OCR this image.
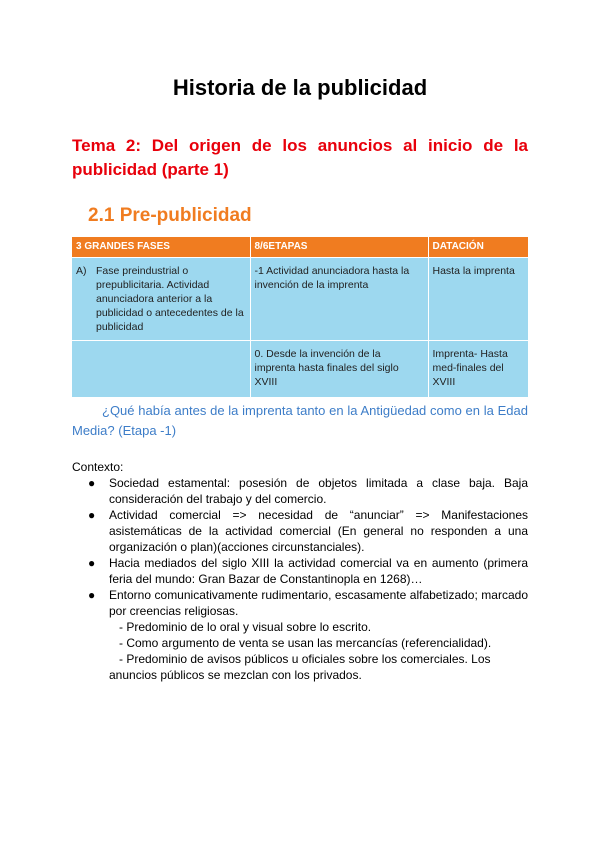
Historia de la publicidad
Tema 2: Del origen de los anuncios al inicio de la publicidad (parte 1)
2.1 Pre-publicidad
3 GRANDES FASES	8/6ETAPAS	DATACIÓN

A) Fase preindustrial o prepublicitaria. Actividad anunciadora anterior a la publicidad o antecedentes de la publicidad	-1 Actividad anunciadora hasta la invención de la imprenta	Hasta la imprenta
	0. Desde la invención de la imprenta hasta finales del siglo XVIII	Imprenta- Hasta med-finales del XVIII

¿Qué había antes de la imprenta tanto en la Antigüedad como en la Edad Media? (Etapa -1)

Contexto:

● Sociedad estamental: posesión de objetos limitada a clase baja. Baja consideración del trabajo y del comercio.
● Actividad comercial => necesidad de “anunciar” => Manifestaciones asistemáticas de la actividad comercial (En general no responden a una organización o plan)(acciones circunstanciales).
● Hacia mediados del siglo XIII la actividad comercial va en aumento (primera feria del mundo: Gran Bazar de Constantinopla en 1268)…
● Entorno comunicativamente rudimentario, escasamente alfabetizado; marcado por creencias religiosas.
- Predominio de lo oral y visual sobre lo escrito.
- Como argumento de venta se usan las mercancías (referencialidad).
- Predominio de avisos públicos u oficiales sobre los comerciales. Los
anuncios públicos se mezclan con los privados.
